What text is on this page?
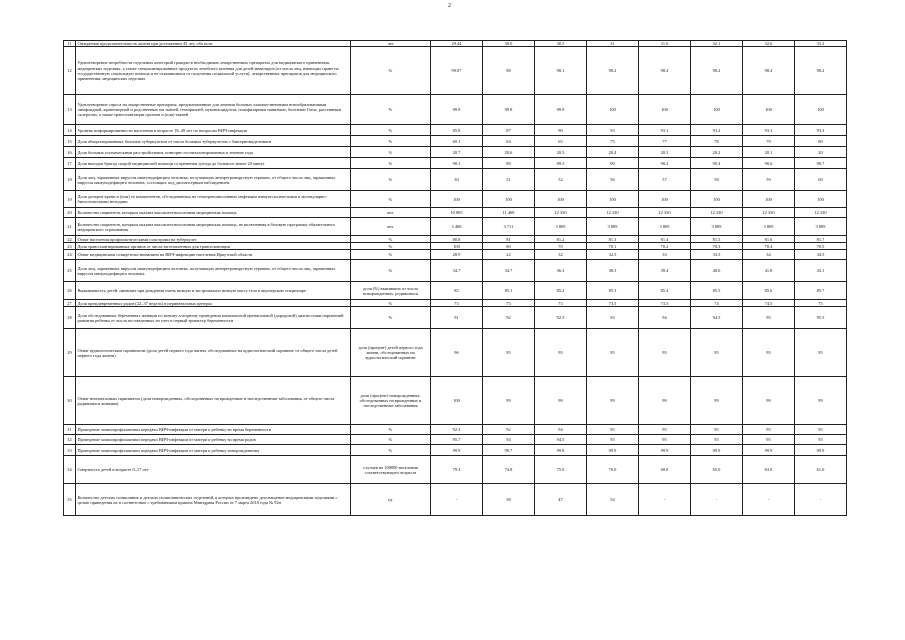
2
11	Ожидаемая продолжительность жизни при достижении 45 лет, оба пола	лет	29.44	30.0	30.5	31	31.6	32.1	32.6	33.2
12	Удовлетворение потребности отдельных категорий граждан в необходимых лекарственных препаратах для медицинского применения, медицинских изделиях, а также специализированных продуктах лечебного питания для детей-инвалидов (от числа лиц, имеющих право на государственную социальную помощь и не отказавшихся от получения социальной услуги), лекарственных препаратов для медицинского применения, медицинских изделиях	%	99.07	98	98.1	98.2	98.2	98.2	98.2	98.2
13	Удовлетворение спроса на лекарственные препараты, предназначенные для лечения больных злокачественными новообразованиями лимфоидной, кроветворной и родственных им тканей, гемофилией, муковисцидозом, гипофизарным нанизмом, болезнью Гоше, рассеянным склерозом, а также трансплантации органов и (или) тканей	%	99.9	99.8	99.9	100	100	100	100	100
14	Уровень информированности населения в возрасте 18–49 лет по вопросам ВИЧ-инфекции	%	85.8	87	90	93	93.1	93.2	93.3	93.3
15	Доля абациллированных больных туберкулезом от числа больных туберкулезом с бактериовыделением	%	60.1	64	65	75	77	78	79	80
16	Доля больных психическими расстройствами, повторно госпитализированных в течение года	%	20.7	20.6	20.5	20.4	20.3	20.2	20.1	20
17	Доля выездов бригад скорой медицинской помощи со временем доезда до больного менее 20 минут	%	90.1	89	89.5	90	90.2	90.4	90.6	90.7
18	Доля лиц, зараженных вирусом иммунодефицита человека, получающих антиретровирусную терапию, от общего числа лиц, зараженных вирусом иммунодефицита человека, состоящих под диспансерным наблюдением	%	30	51	52	56	57	58	59	60
19	Доля доноров крови и (или) ее компонентов, обследованных на гемотрансмиссивные инфекции иммунологическими и молекулярно-биологическими методами	%	100	100	100	100	100	100	100	100
20	Количество пациентов, которым оказана высокотехнологичная медицинская помощь	чел.	10 005	11 468	12 330	12 330	12 330	12 330	12 330	12 330
21	Количество пациентов, которым оказана высокотехнологичная медицинская помощь, не включенная в базовую программу обязательного медицинского страхования	чел.	3 468	3 711	3 809	3 809	3 809	3 809	3 809	3 809
22	Охват населения профилактическими осмотрами на туберкулез	%	80.8	81	81.2	81.3	81.4	81.5	81.6	81.7
23	Доля трансплантированных органов от числа заготовленных для трансплантации	%	100	80	70	70.1	70.2	70.3	70.4	70.5
24	Охват медицинским освидетельствованием на ВИЧ-инфекцию населения Иркутской области	%	28.9	22	32	32.5	33	33.5	34	34.5
25	Доля лиц, зараженных вирусом иммунодефицита человека, получающих антиретровирусную терапию, от общего числа лиц, зараженных вирусом иммунодефицита человека	%	34.7	34.7	36.3	38.3	39.4	40.6	41.8	43.1
26	Выживаемость детей, имевших при рождении очень низкую и экстремально низкую массу тела в акушерском стационаре	доля (%) выживших от числа новорожденных, родившихся	85	85.1	85.2	85.3	85.4	85.5	85.6	85.7
27	Доля преждевременных родов (22–37 недель) в перинатальных центрах	%	73	73	73	73.5	73.5	74	74.5	75
28	Доля обследованных беременных женщин по новому алгоритму проведения комплексной пренатальной (дородовой) диагностики нарушений развития ребенка от числа поставленных на учет в первый триместр беременности	%	91	92	92.5	93	94	94.5	95	95.5
29	Охват аудиологическим скринингом (доля детей первого года жизни, обследованных на аудиологический скрининг, от общего числа детей первого года жизни)	доля (процент) детей первого года жизни, обследованных на аудиологический скрининг	96	95	95	95	95	95	95	95
30	Охват неонатальным скринингом (доля новорожденных, обследованных на врожденные и наследственные заболевания, от общего числа родившихся живыми)	доля (процент) новорожденных, обследованных на врожденные и наследственные заболевания	100	99	99	99	99	99	99	99
31	Проведение химиопрофилактики передачи ВИЧ-инфекции от матери к ребенку во время беременности	%	92.3	92	94	95	95	95	95	95
32	Проведение химиопрофилактики передачи ВИЧ-инфекции от матери к ребенку во время родов	%	95.7	94	94.5	95	95	95	95	95
33	Проведение химиопрофилактики передачи ВИЧ-инфекции от матери к ребенку новорожденному	%	99.9	99.7	99.8	99.9	99.9	99.9	99.9	99.9
34	Смертность детей в возрасте 0–17 лет	случаев на 100000 населения соответствующего возраста	79.3	74.8	75.0	70.0	68.0	65.0	63.0	61.0
35	Количество детских поликлиник и детских поликлинических отделений, в которых произведено дооснащение медицинскими изделиями с целью приведения их в соответствие с требованиями приказа Минздрава России от 7 марта 2018 года № 92н	ед.	-	38	47	54	-	-	-	-
